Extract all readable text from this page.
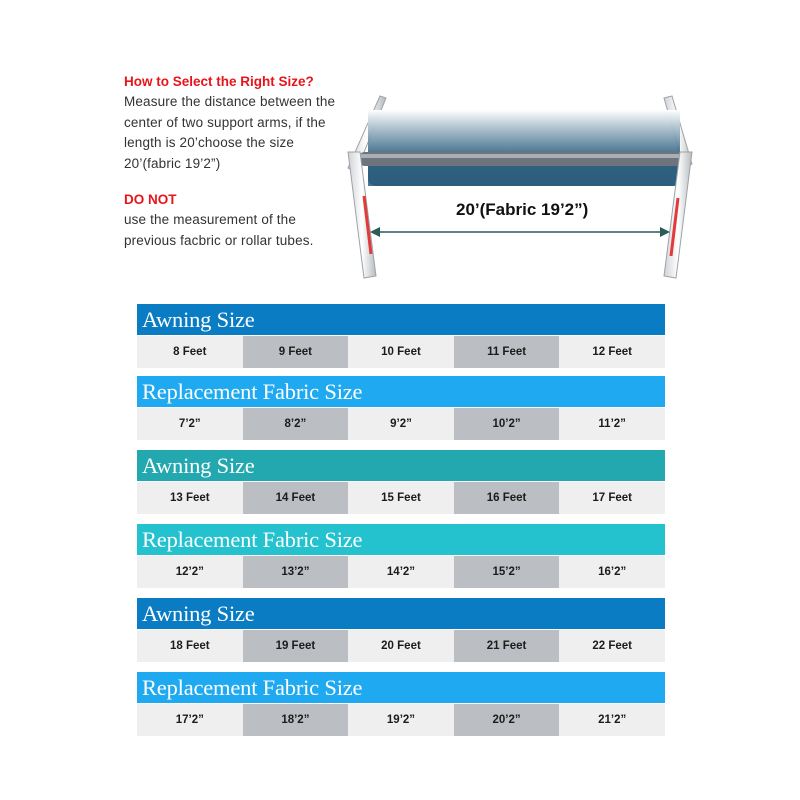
How to Select the Right Size?
Measure the distance between the
center of two support arms, if the
length is 20’choose the size
20’(fabric 19’2”)
DO NOT
use the measurement of the
previous facbric or rollar tubes.
20’(Fabric 19’2”)
Awning Size
8 Feet	9 Feet	10 Feet	11 Feet	12 Feet
Replacement Fabric Size
7’2”	8’2”	9’2”	10’2”	11’2”
Awning Size
13 Feet	14 Feet	15 Feet	16 Feet	17 Feet
Replacement Fabric Size
12’2”	13’2”	14’2”	15’2”	16’2”
Awning Size
18 Feet	19 Feet	20 Feet	21 Feet	22 Feet
Replacement Fabric Size
17’2”	18’2”	19’2”	20’2”	21’2”
